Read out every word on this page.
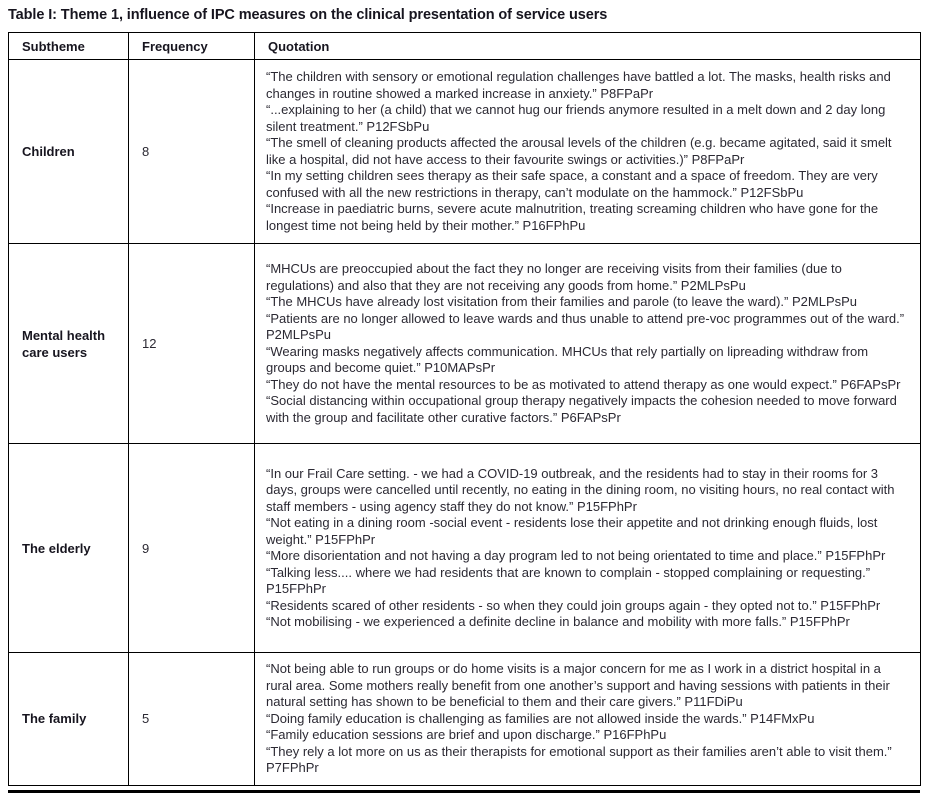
Table I: Theme 1, influence of IPC measures on the clinical presentation of service users
Subtheme	Frequency	Quotation
Children	8	“The children with sensory or emotional regulation challenges have battled a lot. The masks, health risks and changes in routine showed a marked increase in anxiety.” P8FPaPr
“...explaining to her (a child) that we cannot hug our friends anymore resulted in a melt down and 2 day long silent treatment.” P12FSbPu
“The smell of cleaning products affected the arousal levels of the children (e.g. became agitated, said it smelt like a hospital, did not have access to their favourite swings or activities.)” P8FPaPr
“In my setting children sees therapy as their safe space, a constant and a space of freedom. They are very confused with all the new restrictions in therapy, can’t modulate on the hammock.” P12FSbPu
“Increase in paediatric burns, severe acute malnutrition, treating screaming children who have gone for the longest time not being held by their mother.” P16FPhPu

Mental health care users	12	
“MHCUs are preoccupied about the fact they no longer are receiving visits from their families (due to regulations) and also that they are not receiving any goods from home.” P2MLPsPu
“The MHCUs have already lost visitation from their families and parole (to leave the ward).” P2MLPsPu
“Patients are no longer allowed to leave wards and thus unable to attend pre-voc programmes out of the ward.” P2MLPsPu
“Wearing masks negatively affects communication. MHCUs that rely partially on lipreading withdraw from groups and become quiet.” P10MAPsPr
“They do not have the mental resources to be as motivated to attend therapy as one would expect.” P6FAPsPr
“Social distancing within occupational group therapy negatively impacts the cohesion needed to move forward with the group and facilitate other curative factors.” P6FAPsPr

The elderly	9	
“In our Frail Care setting. - we had a COVID-19 outbreak, and the residents had to stay in their rooms for 3 days, groups were cancelled until recently, no eating in the dining room, no visiting hours, no real contact with staff members - using agency staff they do not know.” P15FPhPr
“Not eating in a dining room -social event - residents lose their appetite and not drinking enough fluids, lost weight.” P15FPhPr
“More disorientation and not having a day program led to not being orientated to time and place.” P15FPhPr
“Talking less.... where we had residents that are known to complain - stopped complaining or requesting.” P15FPhPr
“Residents scared of other residents - so when they could join groups again - they opted not to.” P15FPhPr
“Not mobilising - we experienced a definite decline in balance and mobility with more falls.” P15FPhPr

The family	5	“Not being able to run groups or do home visits is a major concern for me as I work in a district hospital in a rural area. Some mothers really benefit from one another’s support and having sessions with patients in their natural setting has shown to be beneficial to them and their care givers.” P11FDiPu
“Doing family education is challenging as families are not allowed inside the wards.” P14FMxPu
“Family education sessions are brief and upon discharge.” P16FPhPu
“They rely a lot more on us as their therapists for emotional support as their families aren’t able to visit them.” P7FPhPr
